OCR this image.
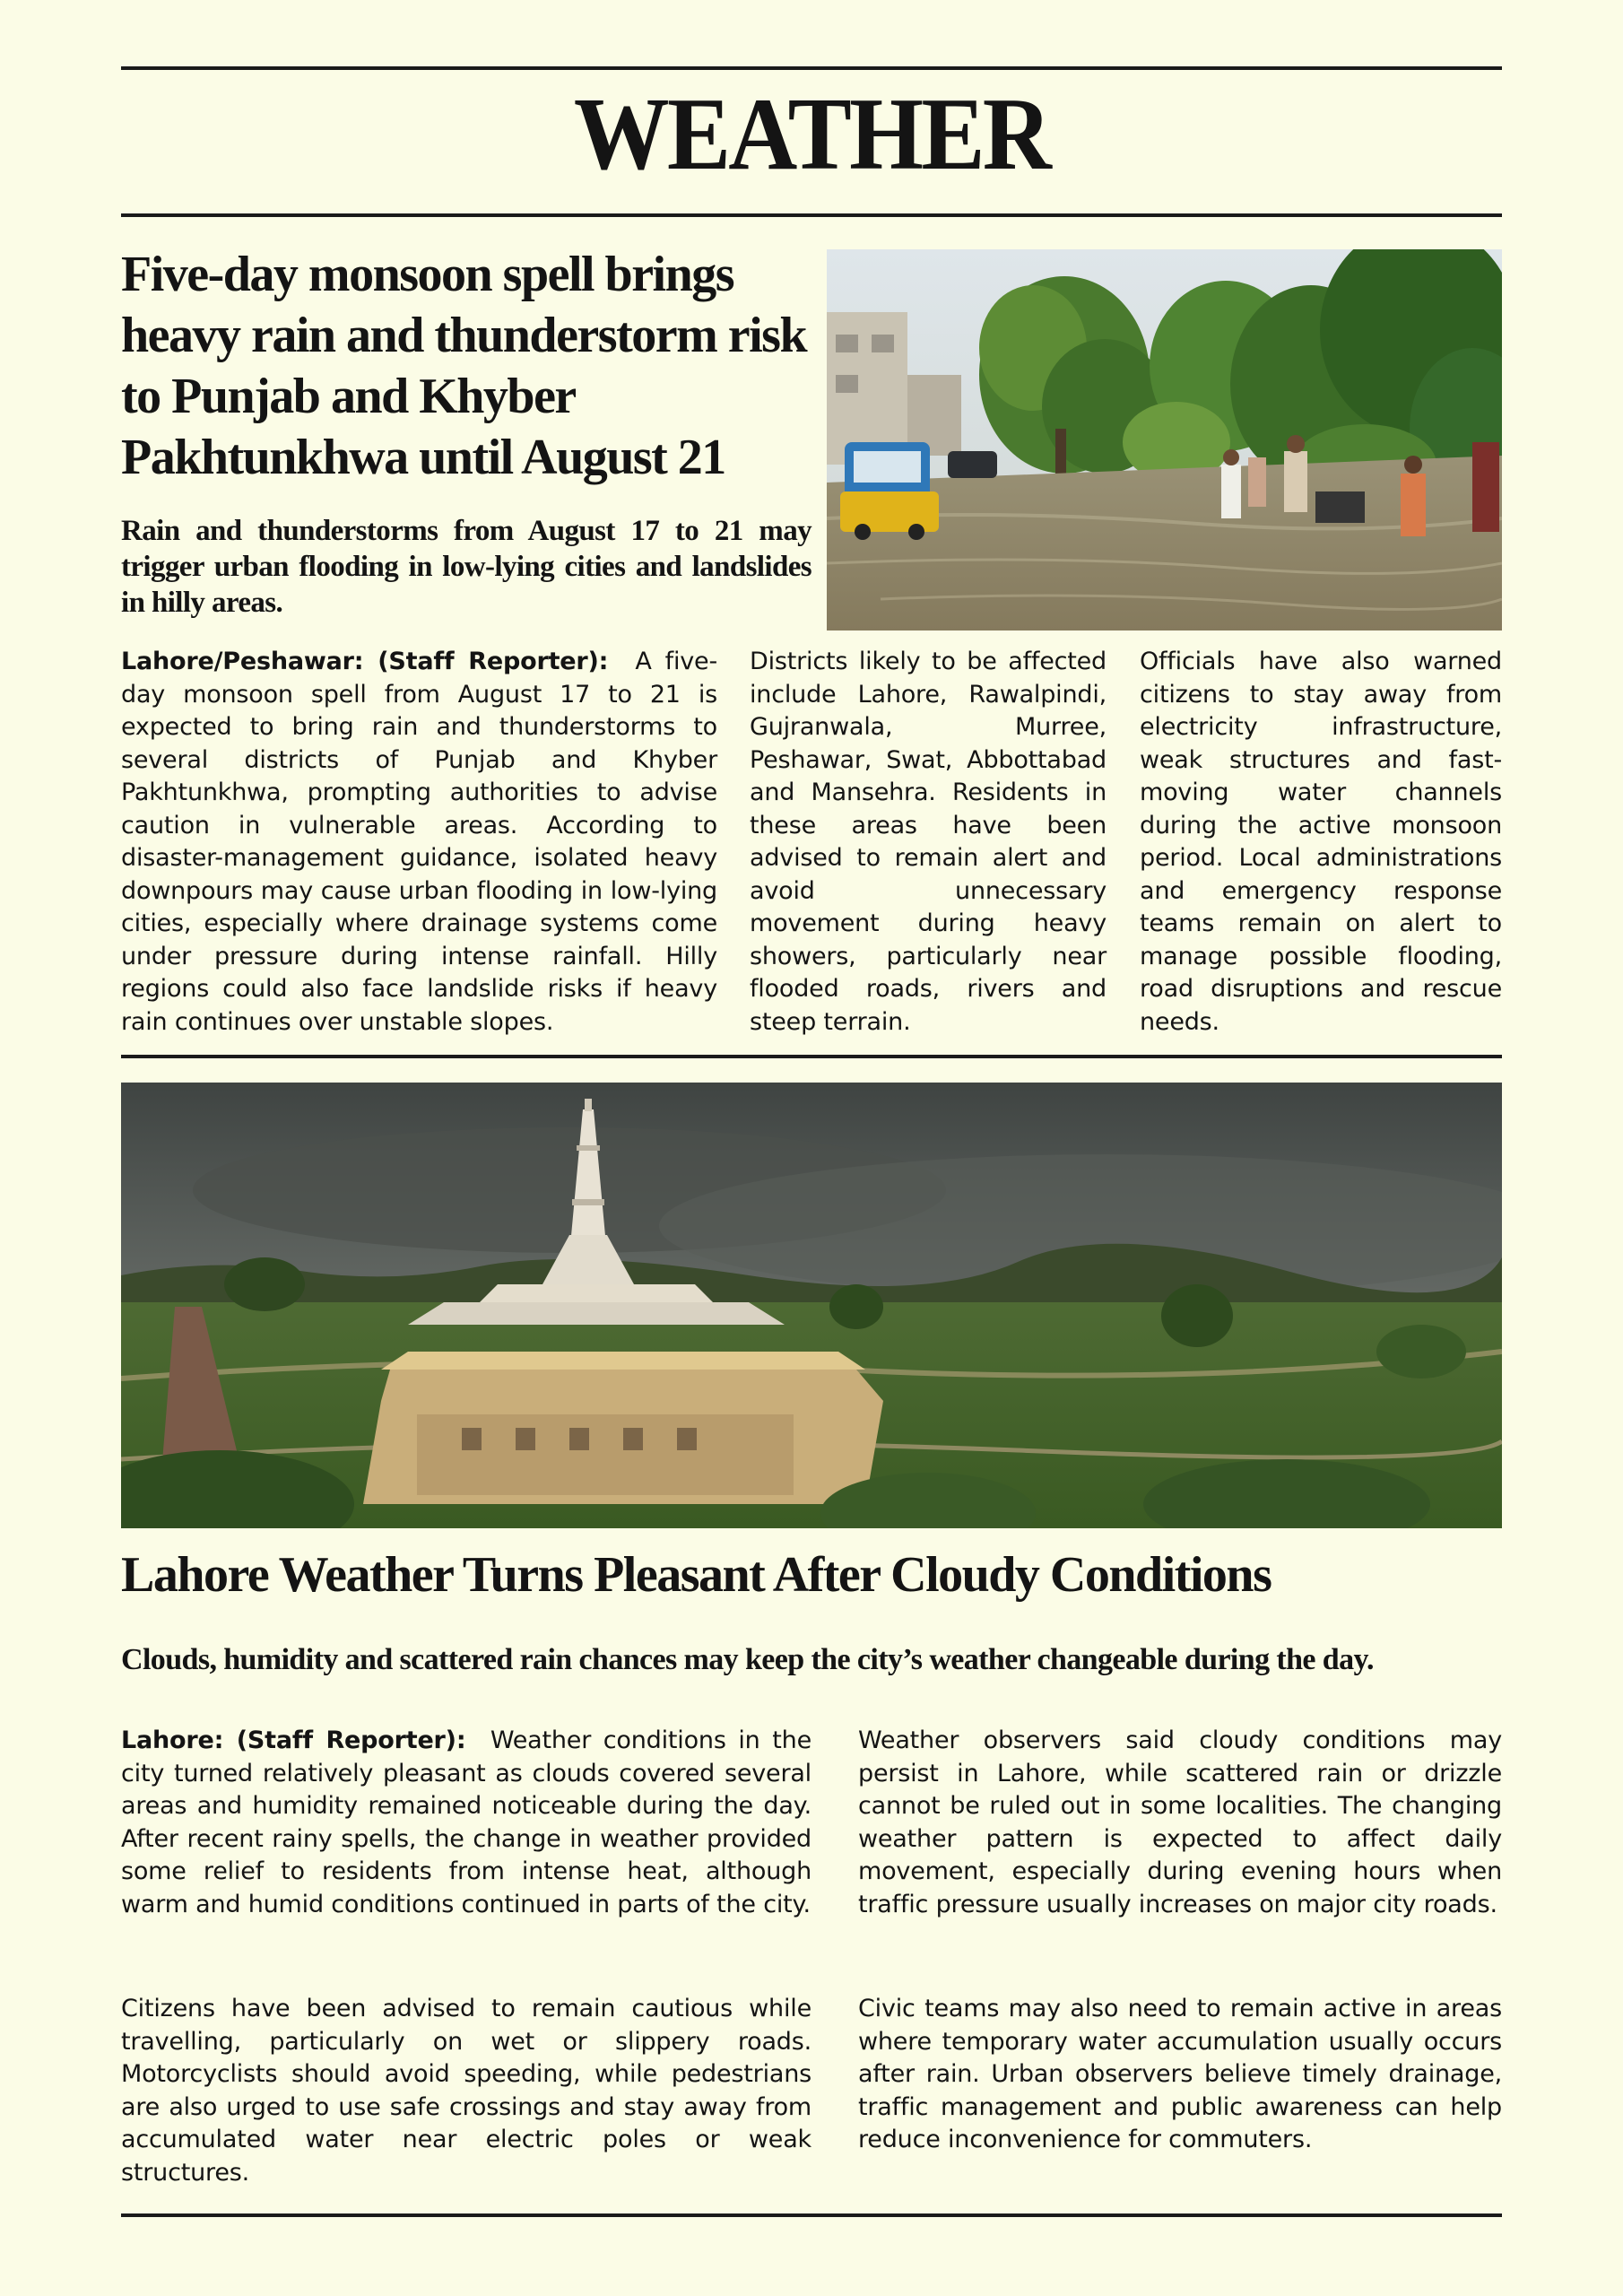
WEATHER
Five-day monsoon spell brings heavy rain and thunderstorm risk to Punjab and Khyber Pakhtunkhwa until August 21

Rain and thunderstorms from August 17 to 21 may trigger urban flooding in low-lying cities and landslides in hilly areas.

Lahore/Peshawar: (Staff Reporter): A five-day monsoon spell from August 17 to 21 is expected to bring rain and thunderstorms to several districts of Punjab and Khyber Pakhtunkhwa, prompting authorities to advise caution in vulnerable areas. According to disaster-management guidance, isolated heavy downpours may cause urban flooding in low-lying cities, especially where drainage systems come under pressure during intense rainfall. Hilly regions could also face landslide risks if heavy rain continues over unstable slopes.

Districts likely to be affected include Lahore, Rawalpindi, Gujranwala, Murree, Peshawar, Swat, Abbottabad and Mansehra. Residents in these areas have been advised to remain alert and avoid unnecessary movement during heavy showers, particularly near flooded roads, rivers and steep terrain.

Officials have also warned citizens to stay away from electricity infrastructure, weak structures and fast-moving water channels during the active monsoon period. Local administrations and emergency response teams remain on alert to manage possible flooding, road disruptions and rescue needs.

Lahore Weather Turns Pleasant After Cloudy Conditions

Clouds, humidity and scattered rain chances may keep the city’s weather changeable during the day.

Lahore: (Staff Reporter): Weather conditions in the city turned relatively pleasant as clouds covered several areas and humidity remained noticeable during the day. After recent rainy spells, the change in weather provided some relief to residents from intense heat, although warm and humid conditions continued in parts of the city.

Citizens have been advised to remain cautious while travelling, particularly on wet or slippery roads. Motorcyclists should avoid speeding, while pedestrians are also urged to use safe crossings and stay away from accumulated water near electric poles or weak structures.

Weather observers said cloudy conditions may persist in Lahore, while scattered rain or drizzle cannot be ruled out in some localities. The changing weather pattern is expected to affect daily movement, especially during evening hours when traffic pressure usually increases on major city roads.

Civic teams may also need to remain active in areas where temporary water accumulation usually occurs after rain. Urban observers believe timely drainage, traffic management and public awareness can help reduce inconvenience for commuters.
